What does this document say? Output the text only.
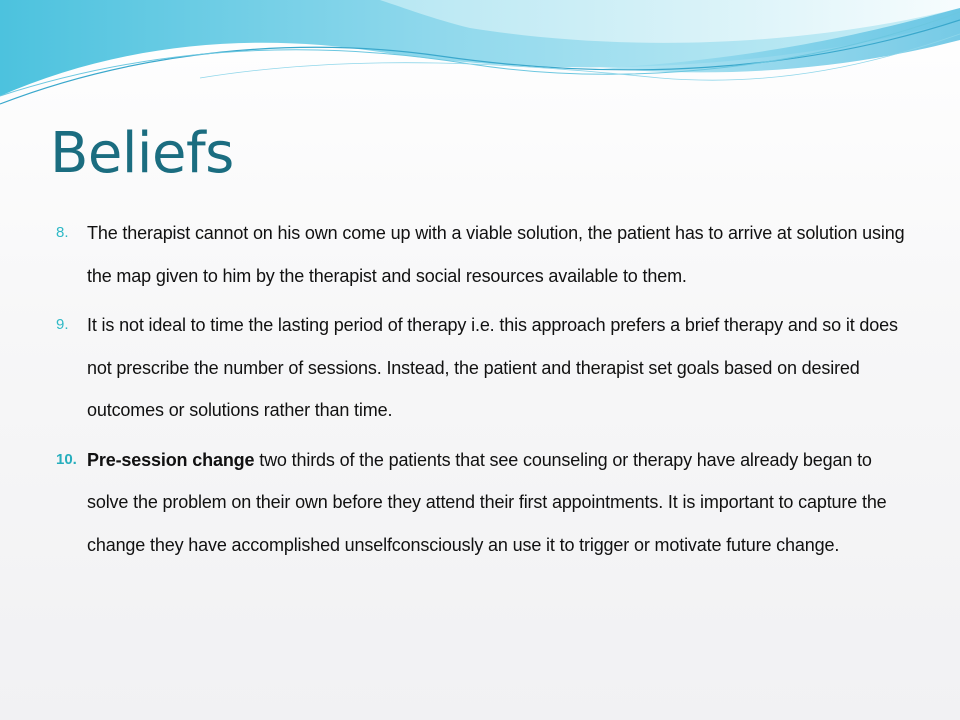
Beliefs
8.	The therapist cannot on his own come up with a viable solution, the patient has to arrive at solution using the map given to him by the therapist and social resources available to them.
9.	It is not ideal to time the lasting period of therapy i.e. this approach prefers a brief therapy and so it does not prescribe the number of sessions. Instead, the patient and therapist set goals based on desired outcomes or solutions rather than time.
10. Pre-session change two thirds of the patients that see counseling or therapy have already began to solve the problem on their own before they attend their first appointments. It is important to capture the change they have accomplished unselfconsciously an use it to trigger or motivate future change.
